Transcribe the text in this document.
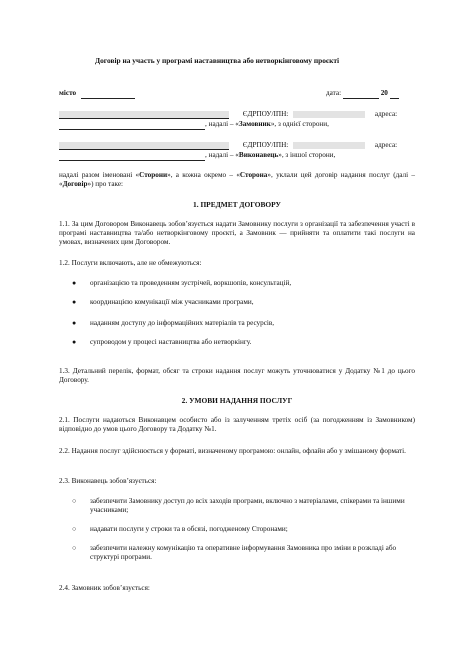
Договір на участь у програмі наставництва або нетворкінговому проєкті
місто	дата:	20
ЄДРПОУ/ІПН:	адреса:
, надалі – «Замовник», з однієї сторони,
ЄДРПОУ/ІПН:	адреса:
, надалі – «Виконавець», з іншої сторони,
надалі разом іменовані «Сторони», а кожна окремо – «Сторона», уклали цей договір надання послуг (далі – «Договір») про таке:
1. ПРЕДМЕТ ДОГОВОРУ
1.1. За цим Договором Виконавець зобов’язується надати Замовнику послуги з організації та забезпечення участі в програмі наставництва та/або нетворкінговому проєкті, а Замовник — прийняти та оплатити такі послуги на умовах, визначених цим Договором.
1.2. Послуги включають, але не обмежуються:
●	організацією та проведенням зустрічей, воркшопів, консультацій,
●	координацією комунікації між учасниками програми,
●	наданням доступу до інформаційних матеріалів та ресурсів,
●	супроводом у процесі наставництва або нетворкінгу.
1.3. Детальний перелік, формат, обсяг та строки надання послуг можуть уточнюватися у Додатку №1 до цього Договору.
2. УМОВИ НАДАННЯ ПОСЛУГ
2.1. Послуги надаються Виконавцем особисто або із залученням третіх осіб (за погодженням із Замовником) відповідно до умов цього Договору та Додатку №1.
2.2. Надання послуг здійснюється у форматі, визначеному програмою: онлайн, офлайн або у змішаному форматі.
2.3. Виконавець зобов’язується:
○	забезпечити Замовнику доступ до всіх заходів програми, включно з матеріалами, спікерами та іншими учасниками;
○	надавати послуги у строки та в обсязі, погодженому Сторонами;
○	забезпечити належну комунікацію та оперативне інформування Замовника про зміни в розкладі або структурі програми.
2.4. Замовник зобов’язується:
